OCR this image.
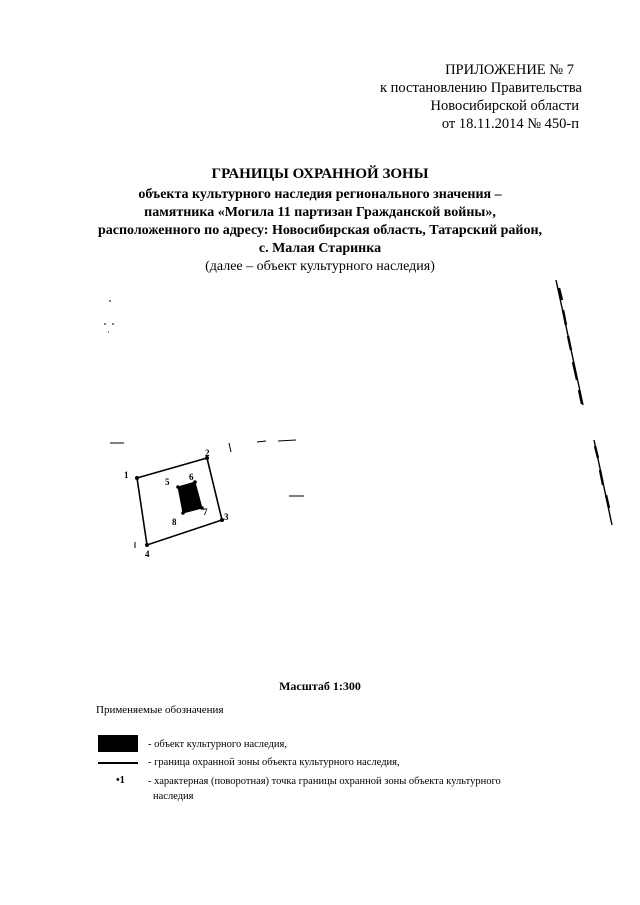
ПРИЛОЖЕНИЕ № 7
к постановлению Правительства
Новосибирской области
от 18.11.2014 № 450-п
ГРАНИЦЫ ОХРАННОЙ ЗОНЫ
объекта культурного наследия регионального значения –
памятника «Могила 11 партизан Гражданской войны»,
расположенного по адресу: Новосибирская область, Татарский район,
с. Малая Старинка
(далее – объект культурного наследия)
1
2
3
4
5 6
7
8
Масштаб 1:300
Применяемые обозначения
- объект культурного наследия,
- граница охранной зоны объекта культурного наследия,
•1 - характерная (поворотная) точка границы охранной зоны объекта культурного
наследия
